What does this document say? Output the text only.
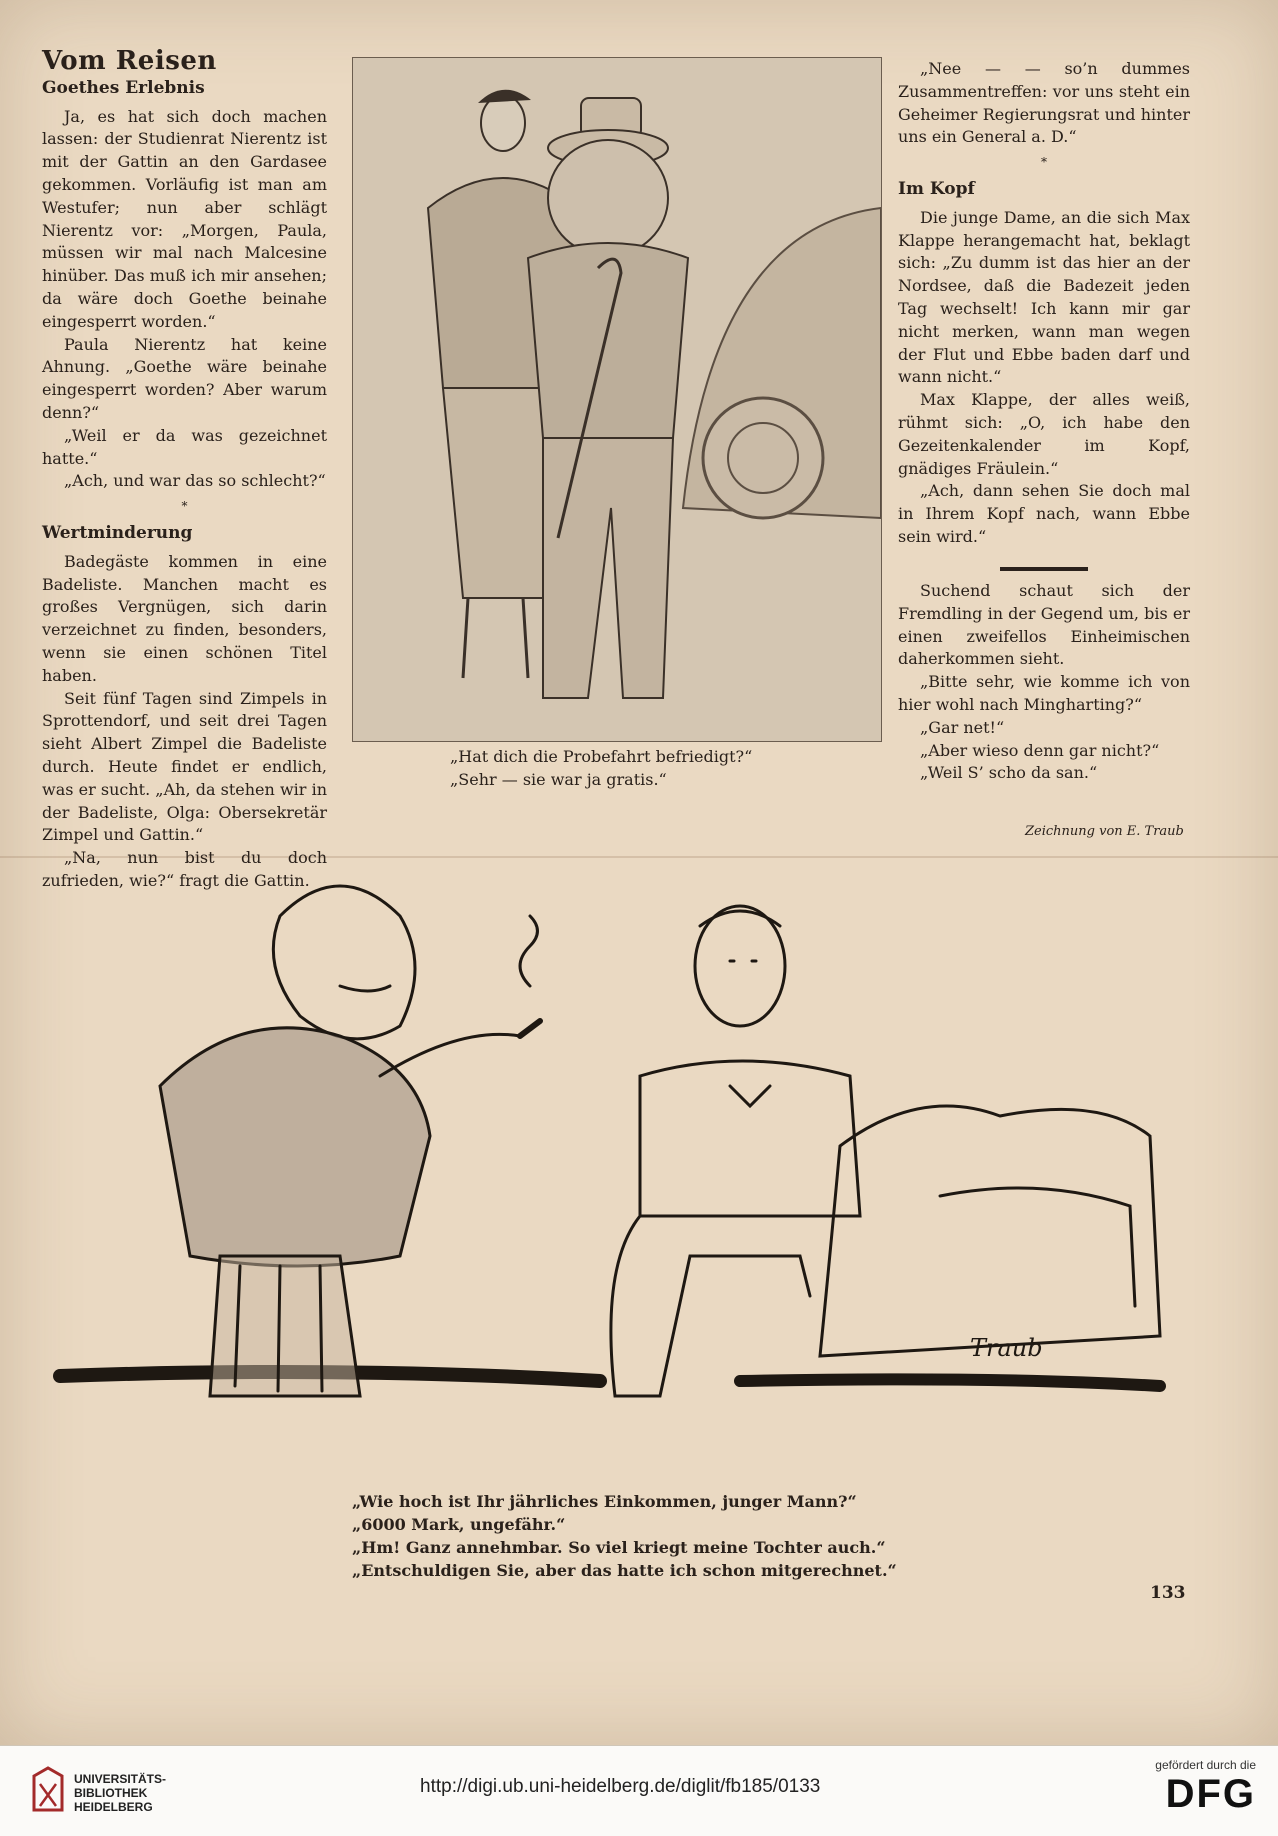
Vom Reisen
Goethes Erlebnis

Ja, es hat sich doch machen lassen: der Studienrat Nierentz ist mit der Gattin an den Gardasee gekommen. Vorläufig ist man am Westufer; nun aber schlägt Nierentz vor: „Morgen, Paula, müssen wir mal nach Malcesine hinüber. Das muß ich mir ansehen; da wäre doch Goethe beinahe eingesperrt worden.“

Paula Nierentz hat keine Ahnung. „Goethe wäre beinahe eingesperrt worden? Aber warum denn?“

„Weil er da was gezeichnet hatte.“

„Ach, und war das so schlecht?“

*
Wertminderung

Badegäste kommen in eine Badeliste. Manchen macht es großes Vergnügen, sich darin verzeichnet zu finden, besonders, wenn sie einen schönen Titel haben.

Seit fünf Tagen sind Zimpels in Sprottendorf, und seit drei Tagen sieht Albert Zimpel die Badeliste durch. Heute findet er endlich, was er sucht. „Ah, da stehen wir in der Badeliste, Olga: Obersekretär Zimpel und Gattin.“

„Na, nun bist du doch zufrieden, wie?“ fragt die Gattin.

„Hat dich die Probefahrt befriedigt?“
„Sehr — sie war ja gratis.“

„Nee — — so’n dummes Zusammentreffen: vor uns steht ein Geheimer Regierungsrat und hinter uns ein General a. D.“

*
Im Kopf

Die junge Dame, an die sich Max Klappe herangemacht hat, beklagt sich: „Zu dumm ist das hier an der Nordsee, daß die Badezeit jeden Tag wechselt! Ich kann mir gar nicht merken, wann man wegen der Flut und Ebbe baden darf und wann nicht.“

Max Klappe, der alles weiß, rühmt sich: „O, ich habe den Gezeitenkalender im Kopf, gnädiges Fräulein.“

„Ach, dann sehen Sie doch mal in Ihrem Kopf nach, wann Ebbe sein wird.“

Suchend schaut sich der Fremdling in der Gegend um, bis er einen zweifellos Einheimischen daherkommen sieht.

„Bitte sehr, wie komme ich von hier wohl nach Mingharting?“

„Gar net!“

„Aber wieso denn gar nicht?“

„Weil S’ scho da san.“

Zeichnung von E. Traub
Traub
„Wie hoch ist Ihr jährliches Einkommen, junger Mann?“
„6000 Mark, ungefähr.“
„Hm! Ganz annehmbar. So viel kriegt meine Tochter auch.“
„Entschuldigen Sie, aber das hatte ich schon mitgerechnet.“
133
UNIVERSITÄTS-
BIBLIOTHEK
HEIDELBERG
http://digi.ub.uni-heidelberg.de/diglit/fb185/0133
gefördert durch die
DFG
